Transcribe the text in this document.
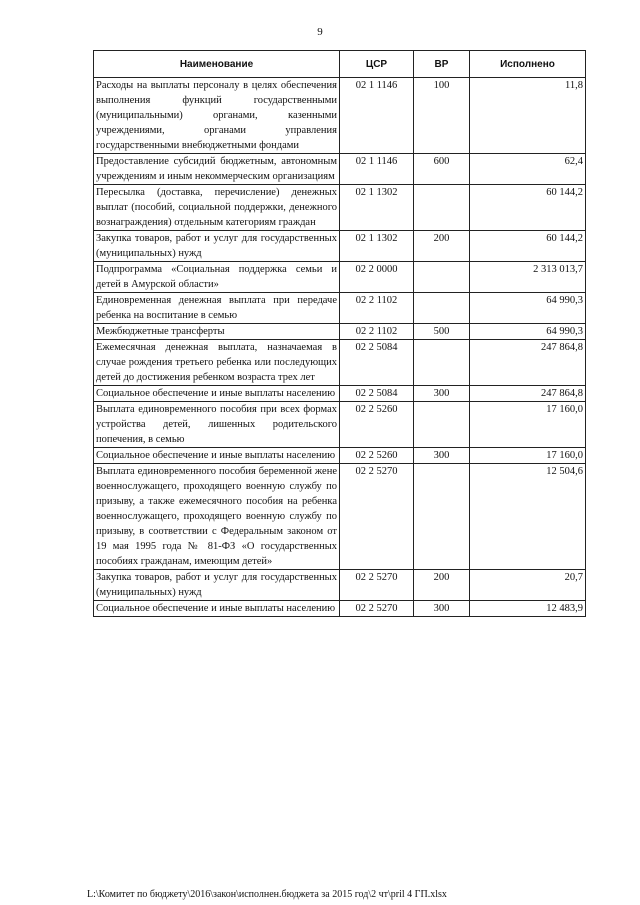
9
Наименование	ЦСР	ВР	Исполнено
Расходы на выплаты персоналу в целях обеспечения выполнения функций государственными (муниципальными) органами, казенными учреждениями, органами управления государственными внебюджетными фондами	02 1 1146	100	11,8
Предоставление субсидий бюджетным, автономным учреждениям и иным некоммерческим организациям	02 1 1146	600	62,4
Пересылка (доставка, перечисление) денежных выплат (пособий, социальной поддержки, денежного вознаграждения) отдельным категориям граждан	02 1 1302		60 144,2
Закупка товаров, работ и услуг для государственных (муниципальных) нужд	02 1 1302	200	60 144,2
Подпрограмма «Социальная поддержка семьи и детей в Амурской области»	02 2 0000		2 313 013,7
Единовременная денежная выплата при передаче ребенка на воспитание в семью	02 2 1102		64 990,3
Межбюджетные трансферты	02 2 1102	500	64 990,3
Ежемесячная денежная выплата, назначаемая в случае рождения третьего ребенка или последующих детей до достижения ребенком возраста трех лет	02 2 5084		247 864,8
Социальное обеспечение и иные выплаты населению	02 2 5084	300	247 864,8
Выплата единовременного пособия при всех формах устройства детей, лишенных родительского попечения, в семью	02 2 5260		17 160,0
Социальное обеспечение и иные выплаты населению	02 2 5260	300	17 160,0
Выплата единовременного пособия беременной жене военнослужащего, проходящего военную службу по призыву, а также ежемесячного пособия на ребенка военнослужащего, проходящего военную службу по призыву, в соответствии с Федеральным законом от 19 мая 1995 года № 81-ФЗ «О государственных пособиях гражданам, имеющим детей»	02 2 5270		12 504,6
Закупка товаров, работ и услуг для государственных (муниципальных) нужд	02 2 5270	200	20,7
Социальное обеспечение и иные выплаты населению	02 2 5270	300	12 483,9
L:\Комитет по бюджету\2016\закон\исполнен.бюджета за 2015 год\2 чт\pril 4 ГП.xlsx
